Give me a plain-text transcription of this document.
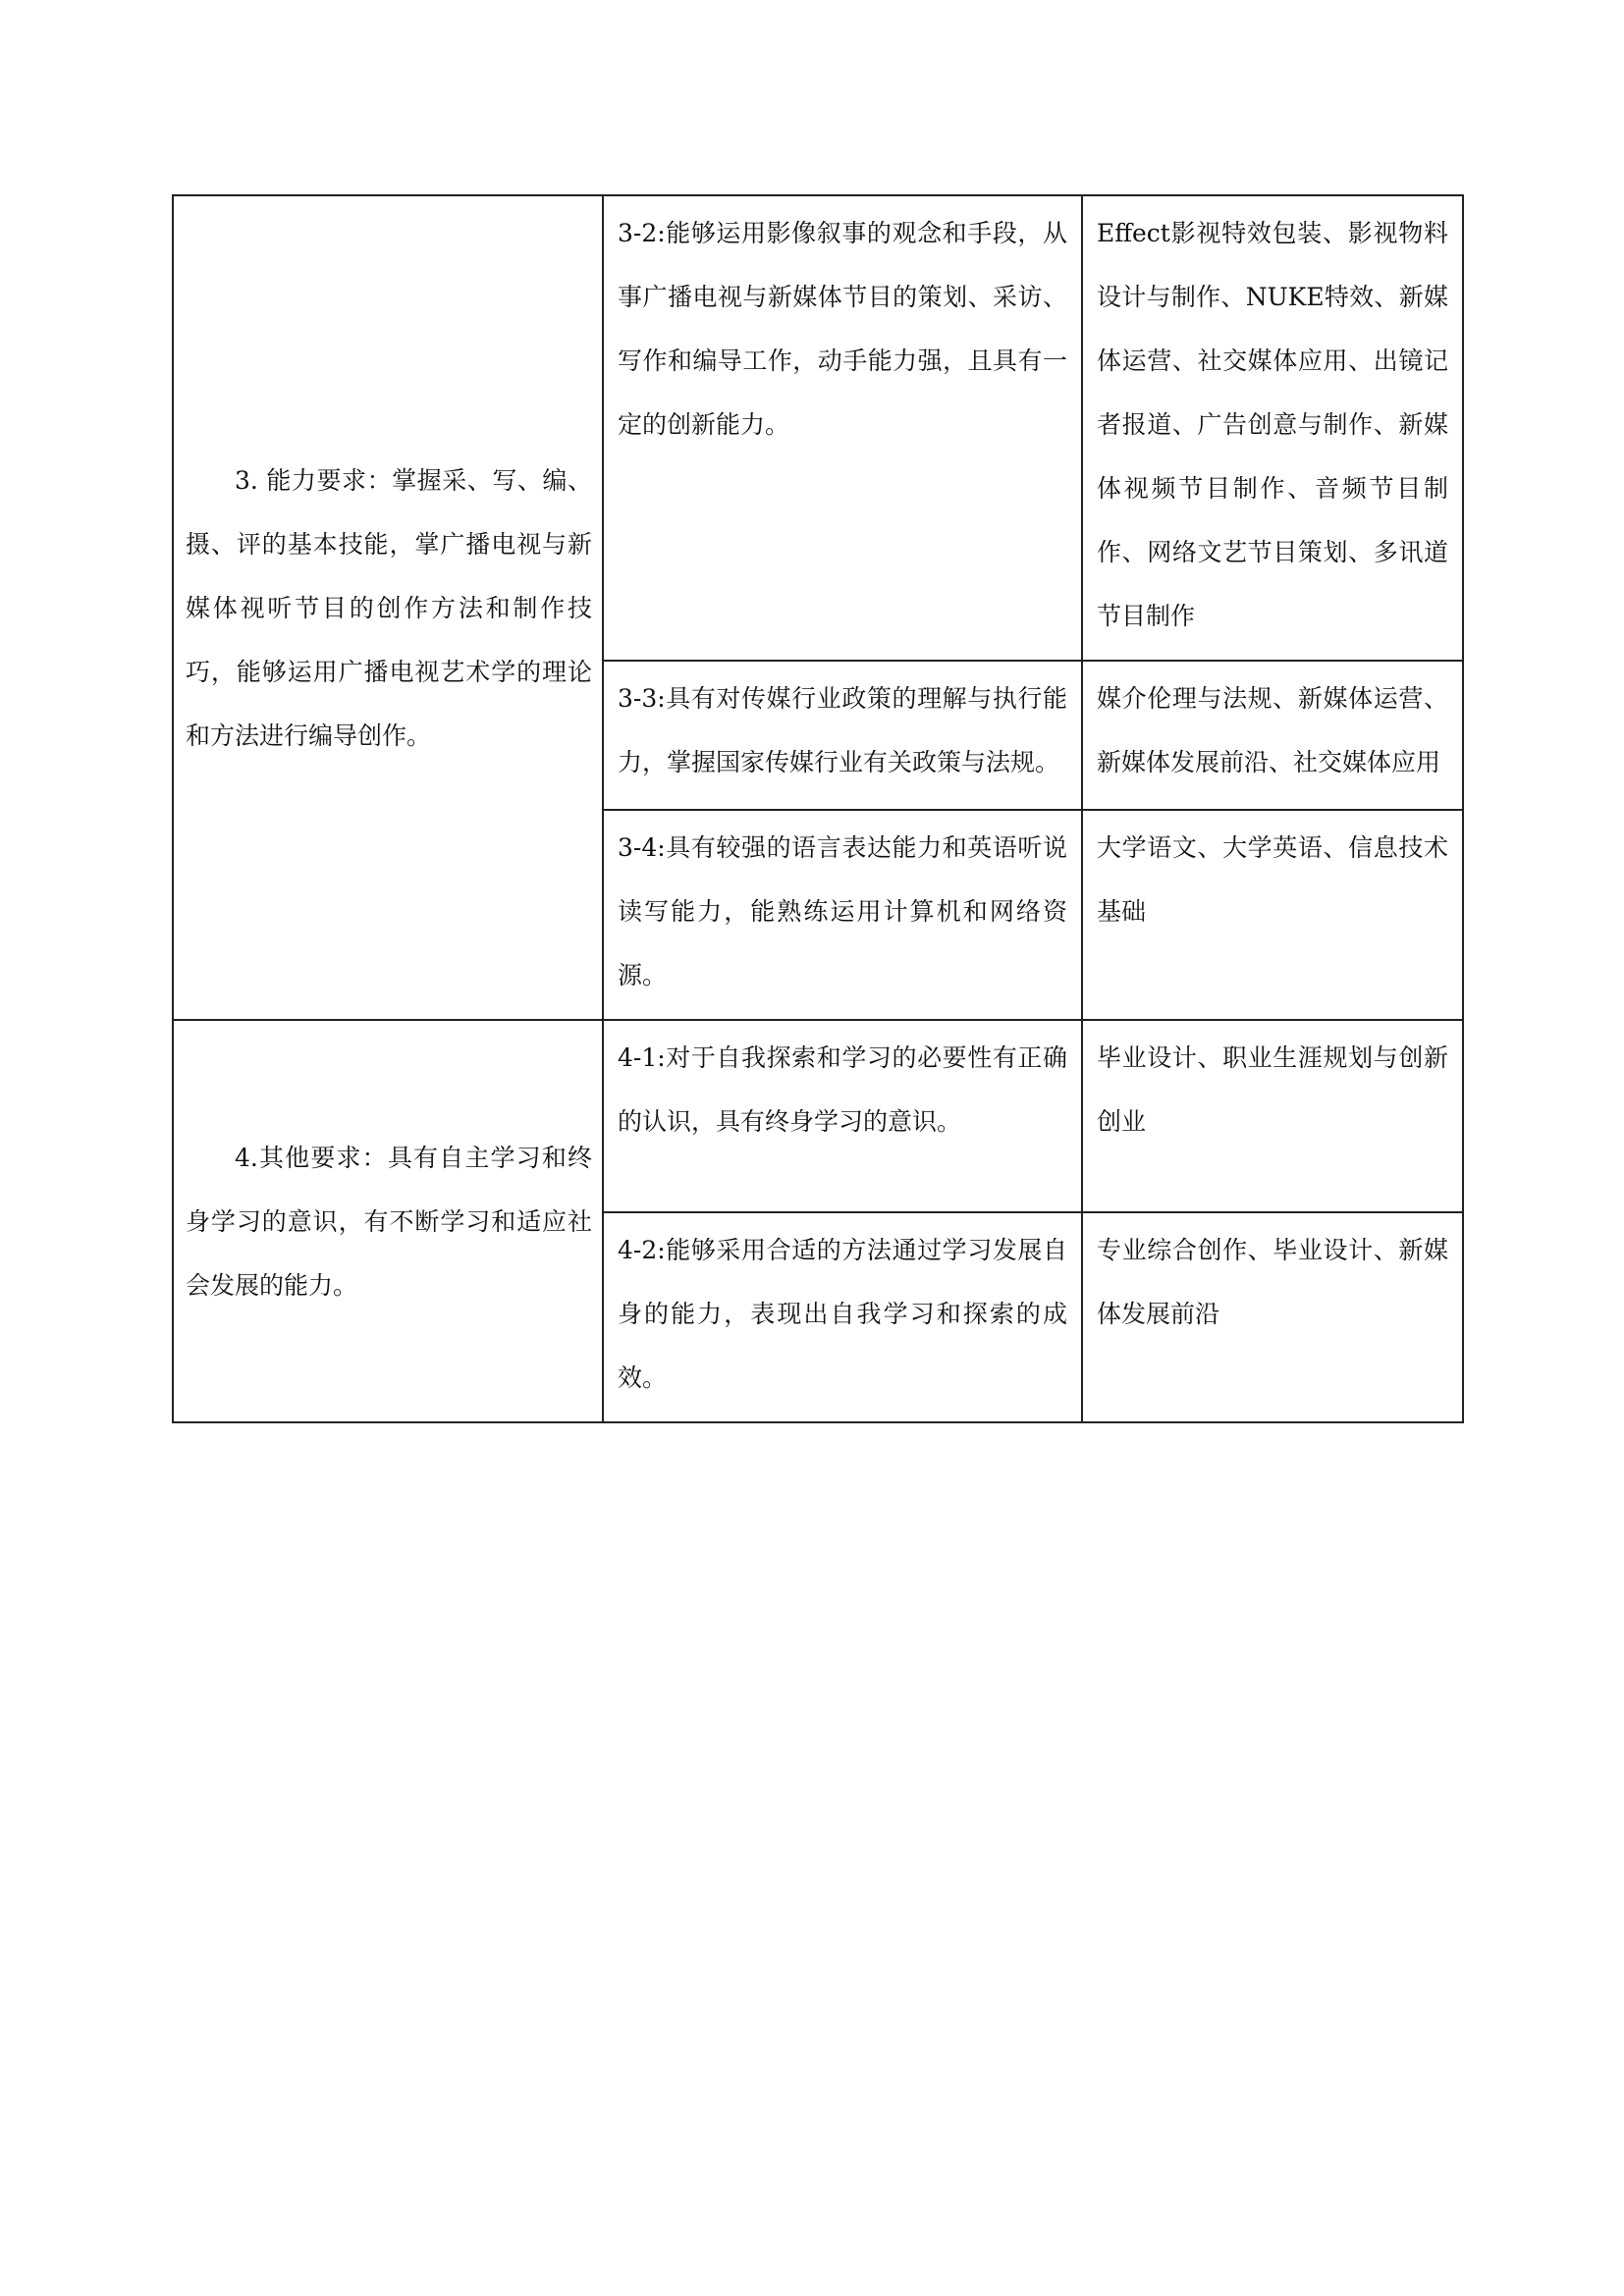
3. 能力要求：掌握采、写、编、摄、评的基本技能，掌广播电视与新媒体视听节目的创作方法和制作技巧，能够运用广播电视艺术学的理论和方法进行编导创作。	3-2:能够运用影像叙事的观念和手段，从事广播电视与新媒体节目的策划、采访、写作和编导工作，动手能力强，且具有一定的创新能力。	Effect影视特效包装、影视物料设计与制作、NUKE特效、新媒体运营、社交媒体应用、出镜记者报道、广告创意与制作、新媒体视频节目制作、音频节目制作、网络文艺节目策划、多讯道节目制作
	3-3:具有对传媒行业政策的理解与执行能力，掌握国家传媒行业有关政策与法规。	媒介伦理与法规、新媒体运营、新媒体发展前沿、社交媒体应用
	3-4:具有较强的语言表达能力和英语听说读写能力，能熟练运用计算机和网络资源。	大学语文、大学英语、信息技术基础
4.其他要求：具有自主学习和终身学习的意识，有不断学习和适应社会发展的能力。	4-1:对于自我探索和学习的必要性有正确的认识，具有终身学习的意识。	毕业设计、职业生涯规划与创新创业
	4-2:能够采用合适的方法通过学习发展自身的能力，表现出自我学习和探索的成效。	专业综合创作、毕业设计、新媒体发展前沿
